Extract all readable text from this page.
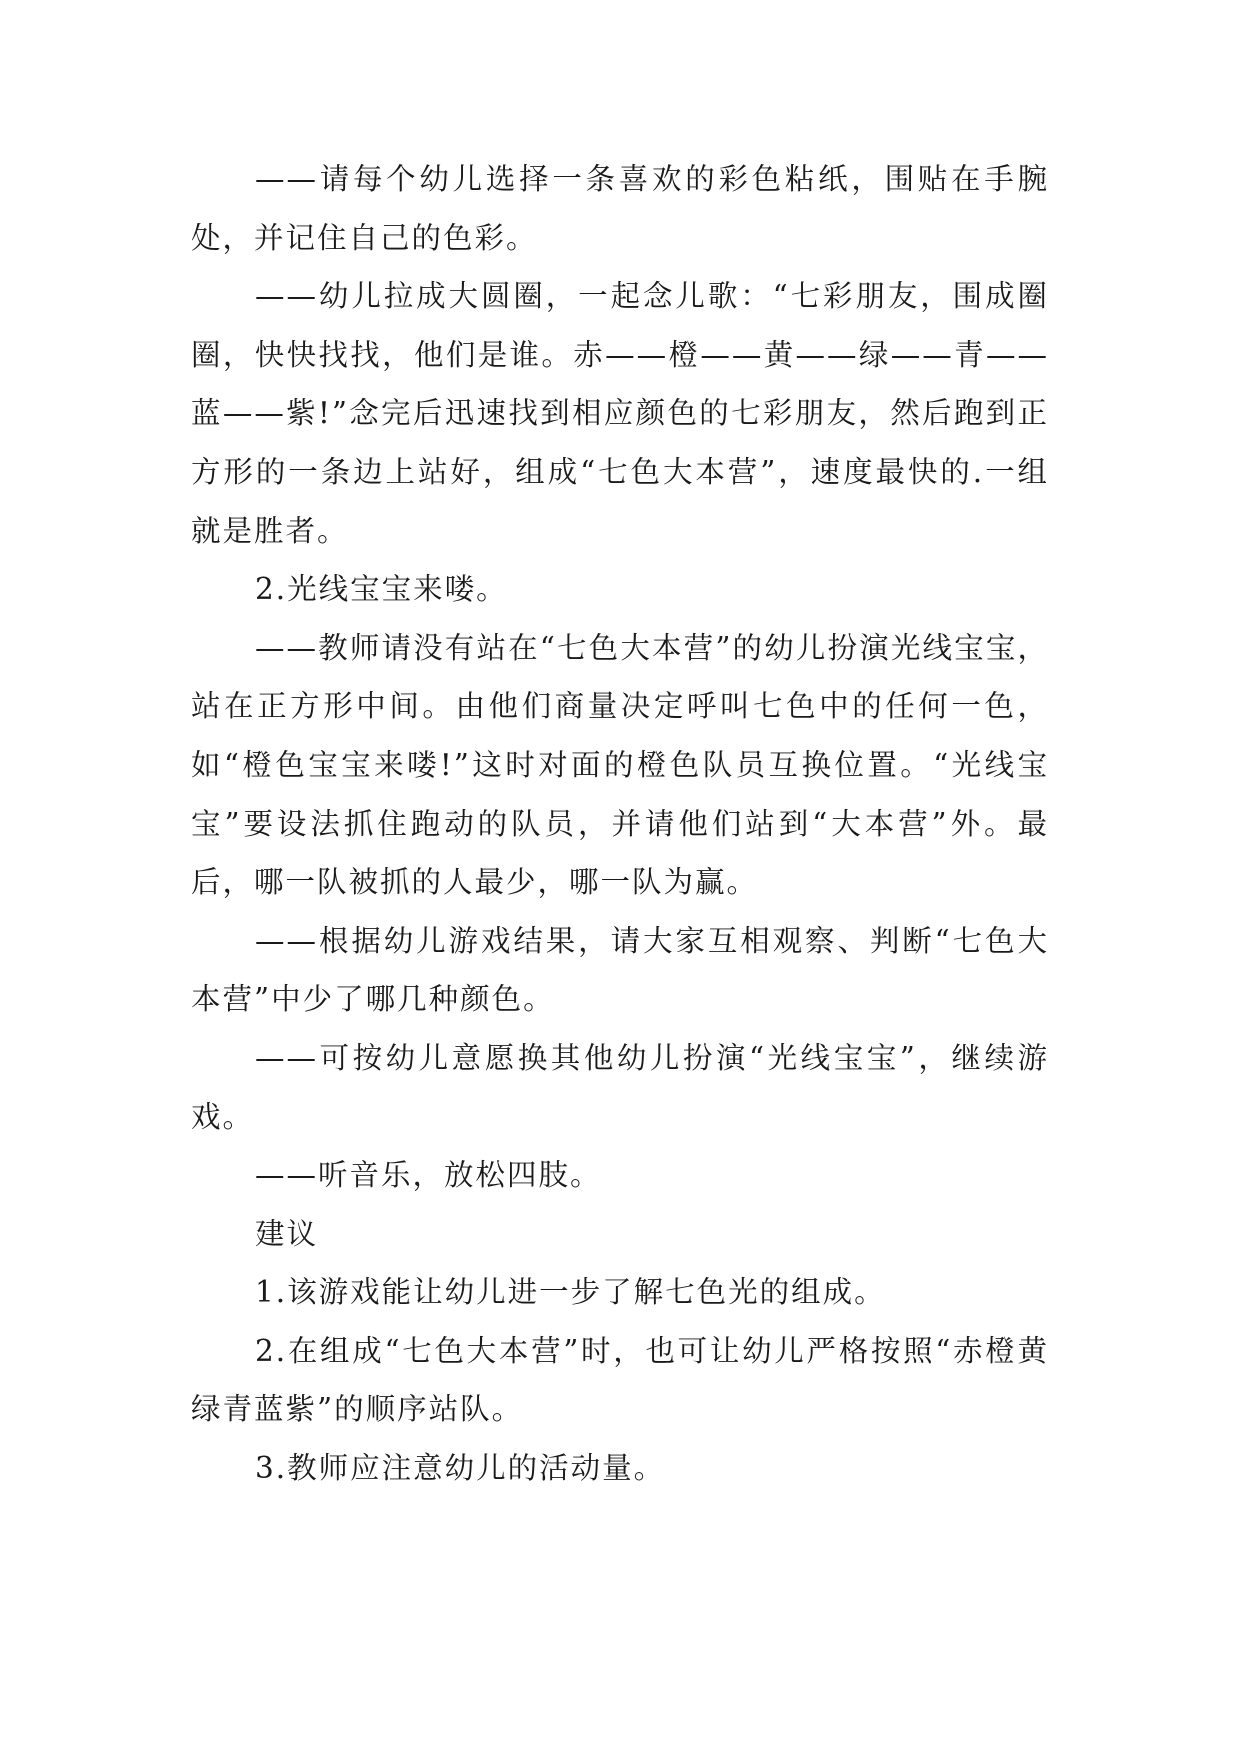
——请每个幼儿选择一条喜欢的彩色粘纸，围贴在手腕处，并记住自己的色彩。

——幼儿拉成大圆圈，一起念儿歌：“七彩朋友，围成圈圈，快快找找，他们是谁。赤——橙——黄——绿——青——蓝——紫!”念完后迅速找到相应颜色的七彩朋友，然后跑到正方形的一条边上站好，组成“七色大本营”，速度最快的.一组就是胜者。

2.光线宝宝来喽。

——教师请没有站在“七色大本营”的幼儿扮演光线宝宝，站在正方形中间。由他们商量决定呼叫七色中的任何一色，如“橙色宝宝来喽!”这时对面的橙色队员互换位置。“光线宝宝”要设法抓住跑动的队员，并请他们站到“大本营”外。最后，哪一队被抓的人最少，哪一队为赢。

——根据幼儿游戏结果，请大家互相观察、判断“七色大本营”中少了哪几种颜色。

——可按幼儿意愿换其他幼儿扮演“光线宝宝”，继续游戏。

——听音乐，放松四肢。

建议

1.该游戏能让幼儿进一步了解七色光的组成。

2.在组成“七色大本营”时，也可让幼儿严格按照“赤橙黄绿青蓝紫”的顺序站队。

3.教师应注意幼儿的活动量。
